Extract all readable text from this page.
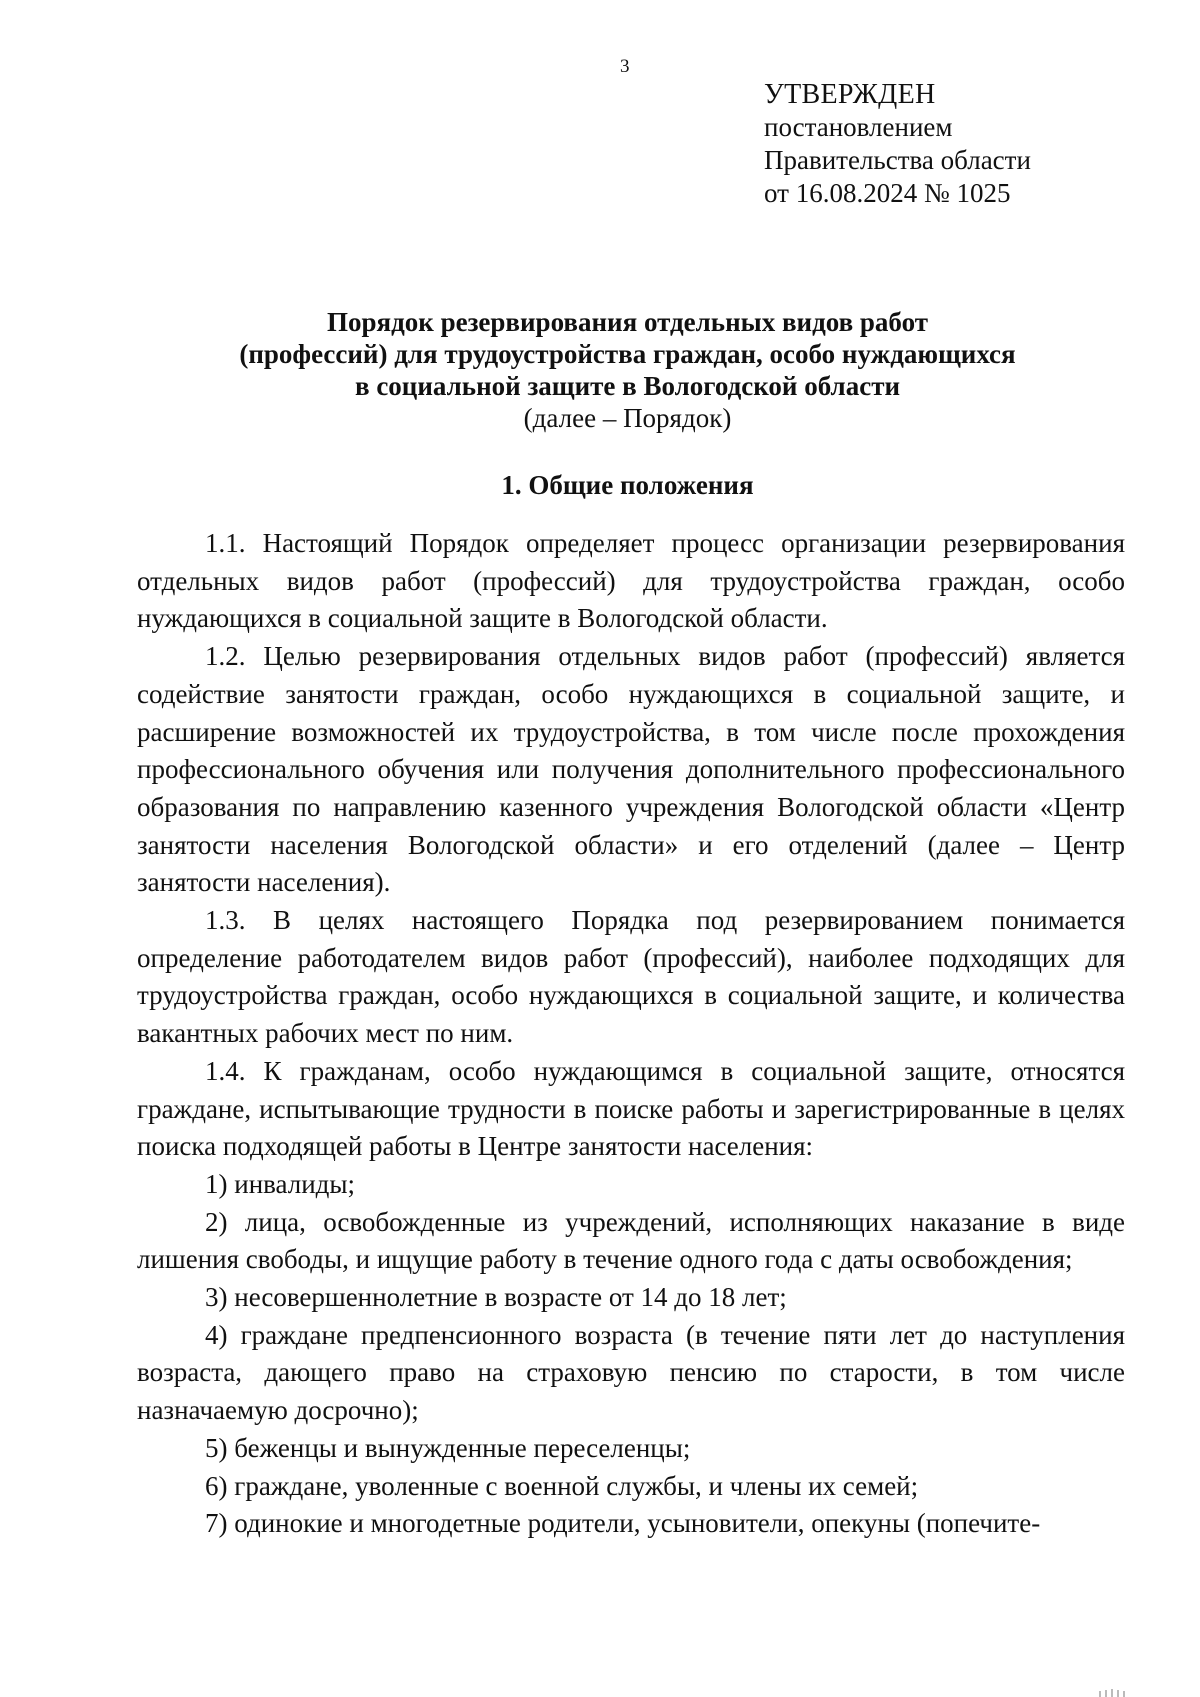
3
УТВЕРЖДЕН
постановлением
Правительства области
от 16.08.2024 № 1025
Порядок резервирования отдельных видов работ
(профессий) для трудоустройства граждан, особо нуждающихся
в социальной защите в Вологодской области
(далее – Порядок)
1. Общие положения

1.1. Настоящий Порядок определяет процесс организации резервирования отдельных видов работ (профессий) для трудоустройства граждан, особо нуждающихся в социальной защите в Вологодской области.

1.2. Целью резервирования отдельных видов работ (профессий) является содействие занятости граждан, особо нуждающихся в социальной защите, и расширение возможностей их трудоустройства, в том числе после прохождения профессионального обучения или получения дополнительного профессионального образования по направлению казенного учреждения Вологодской области «Центр занятости населения Вологодской области» и его отделений (далее – Центр занятости населения).

1.3. В целях настоящего Порядка под резервированием понимается определение работодателем видов работ (профессий), наиболее подходящих для трудоустройства граждан, особо нуждающихся в социальной защите, и количества вакантных рабочих мест по ним.

1.4. К гражданам, особо нуждающимся в социальной защите, относятся граждане, испытывающие трудности в поиске работы и зарегистрированные в целях поиска подходящей работы в Центре занятости населения:

1) инвалиды;

2) лица, освобожденные из учреждений, исполняющих наказание в виде лишения свободы, и ищущие работу в течение одного года с даты освобождения;

3) несовершеннолетние в возрасте от 14 до 18 лет;

4) граждане предпенсионного возраста (в течение пяти лет до наступления возраста, дающего право на страховую пенсию по старости, в том числе назначаемую досрочно);

5) беженцы и вынужденные переселенцы;

6) граждане, уволенные с военной службы, и члены их семей;

7) одинокие и многодетные родители, усыновители, опекуны (попечите-
